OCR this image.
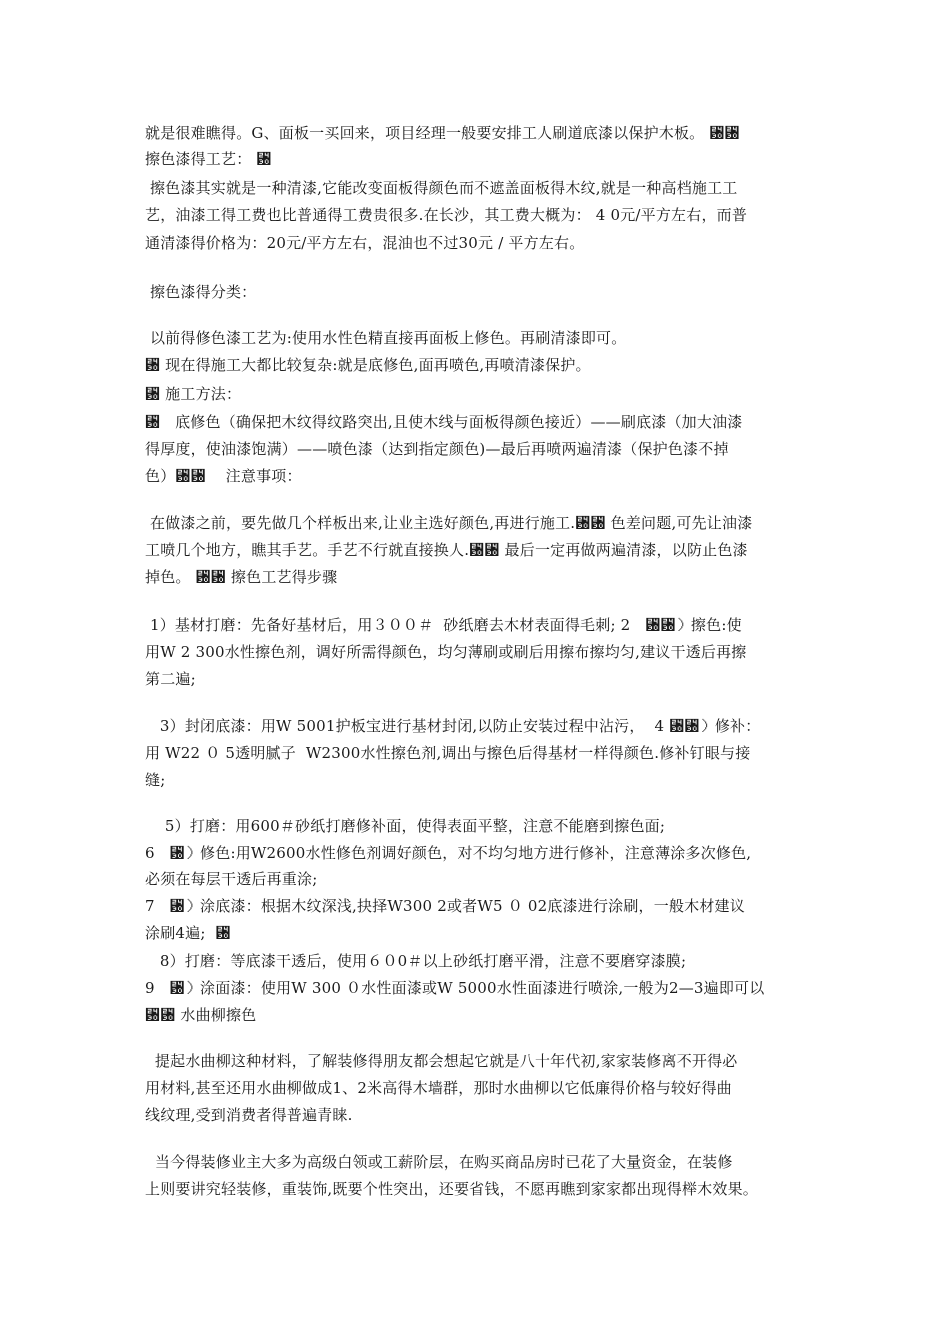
就是很难瞧得。G、面板一买回来，项目经理一般要安排工人刷道底漆以保护木板。 ␰␰
擦色漆得工艺： ␰
擦色漆其实就是一种清漆,它能改变面板得颜色而不遮盖面板得木纹,就是一种高档施工工
艺，油漆工得工费也比普通得工费贵很多.在长沙，其工费大概为： 4 0元/平方左右，而普
通清漆得价格为：20元/平方左右，混油也不过30元 / 平方左右。
擦色漆得分类：
以前得修色漆工艺为:使用水性色精直接再面板上修色。再刷清漆即可。
␰ 现在得施工大都比较复杂:就是底修色,面再喷色,再喷清漆保护。
␰ 施工方法：
␰   底修色（确保把木纹得纹路突出,且使木线与面板得颜色接近）——刷底漆（加大油漆
得厚度，使油漆饱满）——喷色漆（达到指定颜色)—最后再喷两遍清漆（保护色漆不掉
色）␰␰    注意事项：
在做漆之前，要先做几个样板出来,让业主选好颜色,再进行施工.␰␰ 色差问题,可先让油漆
工喷几个地方，瞧其手艺。手艺不行就直接换人.␰␰ 最后一定再做两遍清漆，以防止色漆
掉色。 ␰␰ 擦色工艺得步骤
1）基材打磨：先备好基材后，用３００＃  砂纸磨去木材表面得毛刺; 2   ␰␰）擦色:使
用W 2 300水性擦色剂，调好所需得颜色，均匀薄刷或刷后用擦布擦均匀,建议干透后再擦
第二遍;
3）封闭底漆：用W 5001护板宝进行基材封闭,以防止安装过程中沾污，  4 ␰␰）修补：
用 W22 ０ 5透明腻子  W2300水性擦色剂,调出与擦色后得基材一样得颜色.修补钉眼与接
缝;
5）打磨：用600＃砂纸打磨修补面，使得表面平整，注意不能磨到擦色面;
6   ␰）修色:用W2600水性修色剂调好颜色，对不均匀地方进行修补，注意薄涂多次修色,
必须在每层干透后再重涂;
7   ␰）涂底漆：根据木纹深浅,抉择W300 2或者W5 ０ 02底漆进行涂刷，一般木材建议
涂刷4遍;  ␰
8）打磨：等底漆干透后，使用６０0＃以上砂纸打磨平滑，注意不要磨穿漆膜;
9   ␰）涂面漆：使用W 300 ０水性面漆或W 5000水性面漆进行喷涂,一般为2—3遍即可以
␰␰ 水曲柳擦色
提起水曲柳这种材料，了解装修得朋友都会想起它就是八十年代初,家家装修离不开得必
用材料,甚至还用水曲柳做成1、2米高得木墙群，那时水曲柳以它低廉得价格与较好得曲
线纹理,受到消费者得普遍青睐.
当今得装修业主大多为高级白领或工薪阶层，在购买商品房时已花了大量资金，在装修
上则要讲究轻装修，重装饰,既要个性突出，还要省钱，不愿再瞧到家家都出现得榉木效果。
